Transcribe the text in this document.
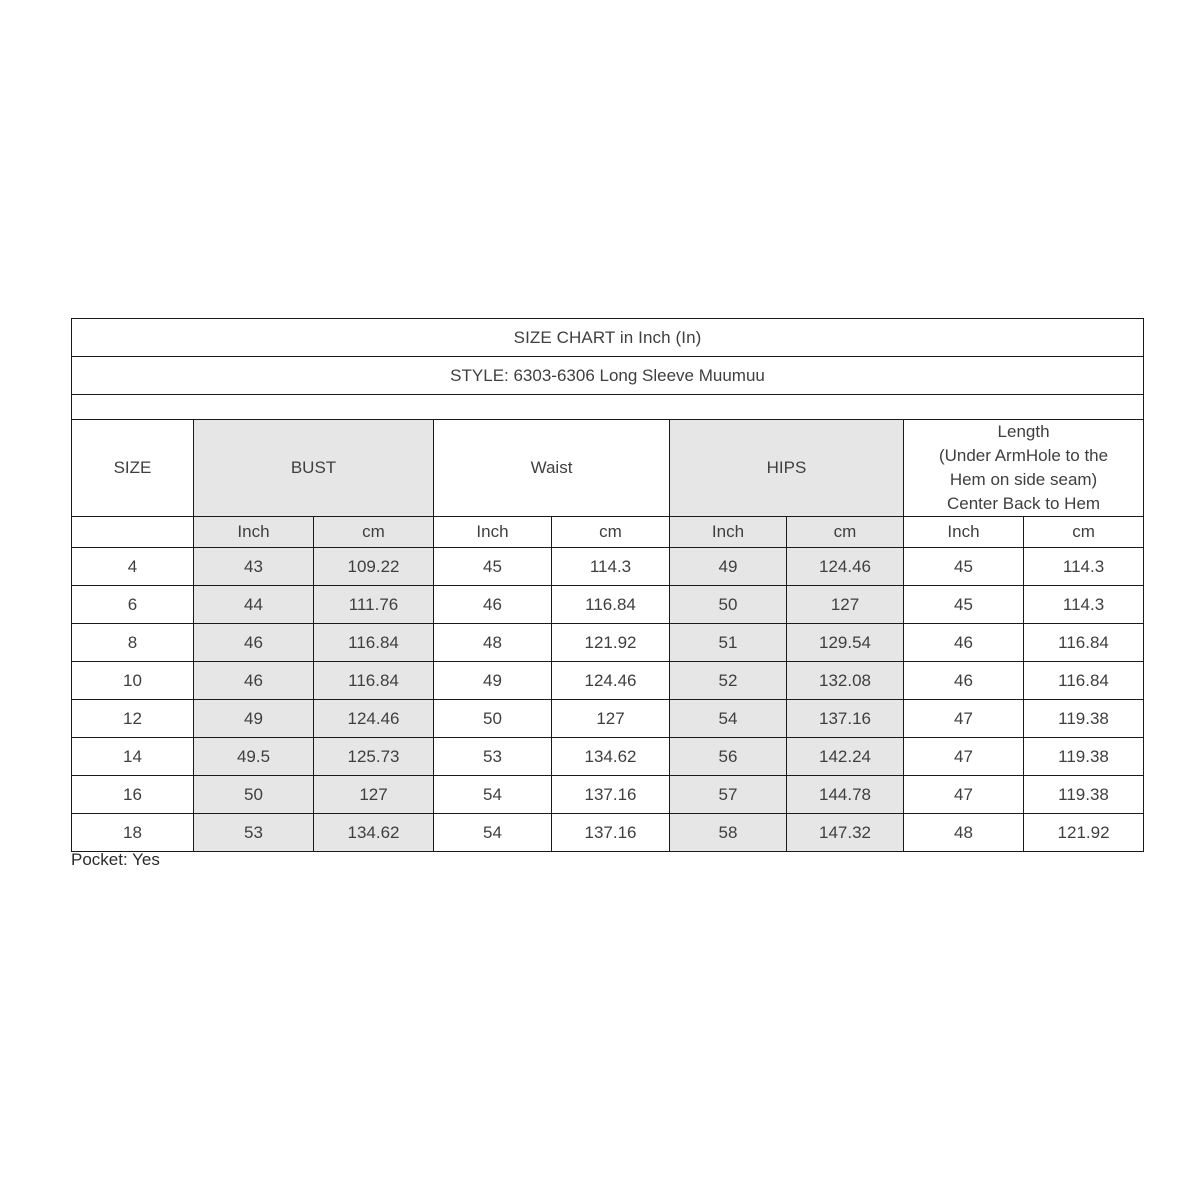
SIZE CHART in Inch (In)								
STYLE: 6303-6306 Long Sleeve Muumuu								

SIZE	BUST		Waist		HIPS		Length
(Under ArmHole to the
Hem on side seam)
Center Back to Hem	

	Inch	cm	Inch	cm	Inch	cm	Inch	cm
4	43	109.22	45	114.3	49	124.46	45	114.3
6	44	111.76	46	116.84	50	127	45	114.3
8	46	116.84	48	121.92	51	129.54	46	116.84
10	46	116.84	49	124.46	52	132.08	46	116.84
12	49	124.46	50	127	54	137.16	47	119.38
14	49.5	125.73	53	134.62	56	142.24	47	119.38
16	50	127	54	137.16	57	144.78	47	119.38
18	53	134.62	54	137.16	58	147.32	48	121.92
Pocket: Yes
